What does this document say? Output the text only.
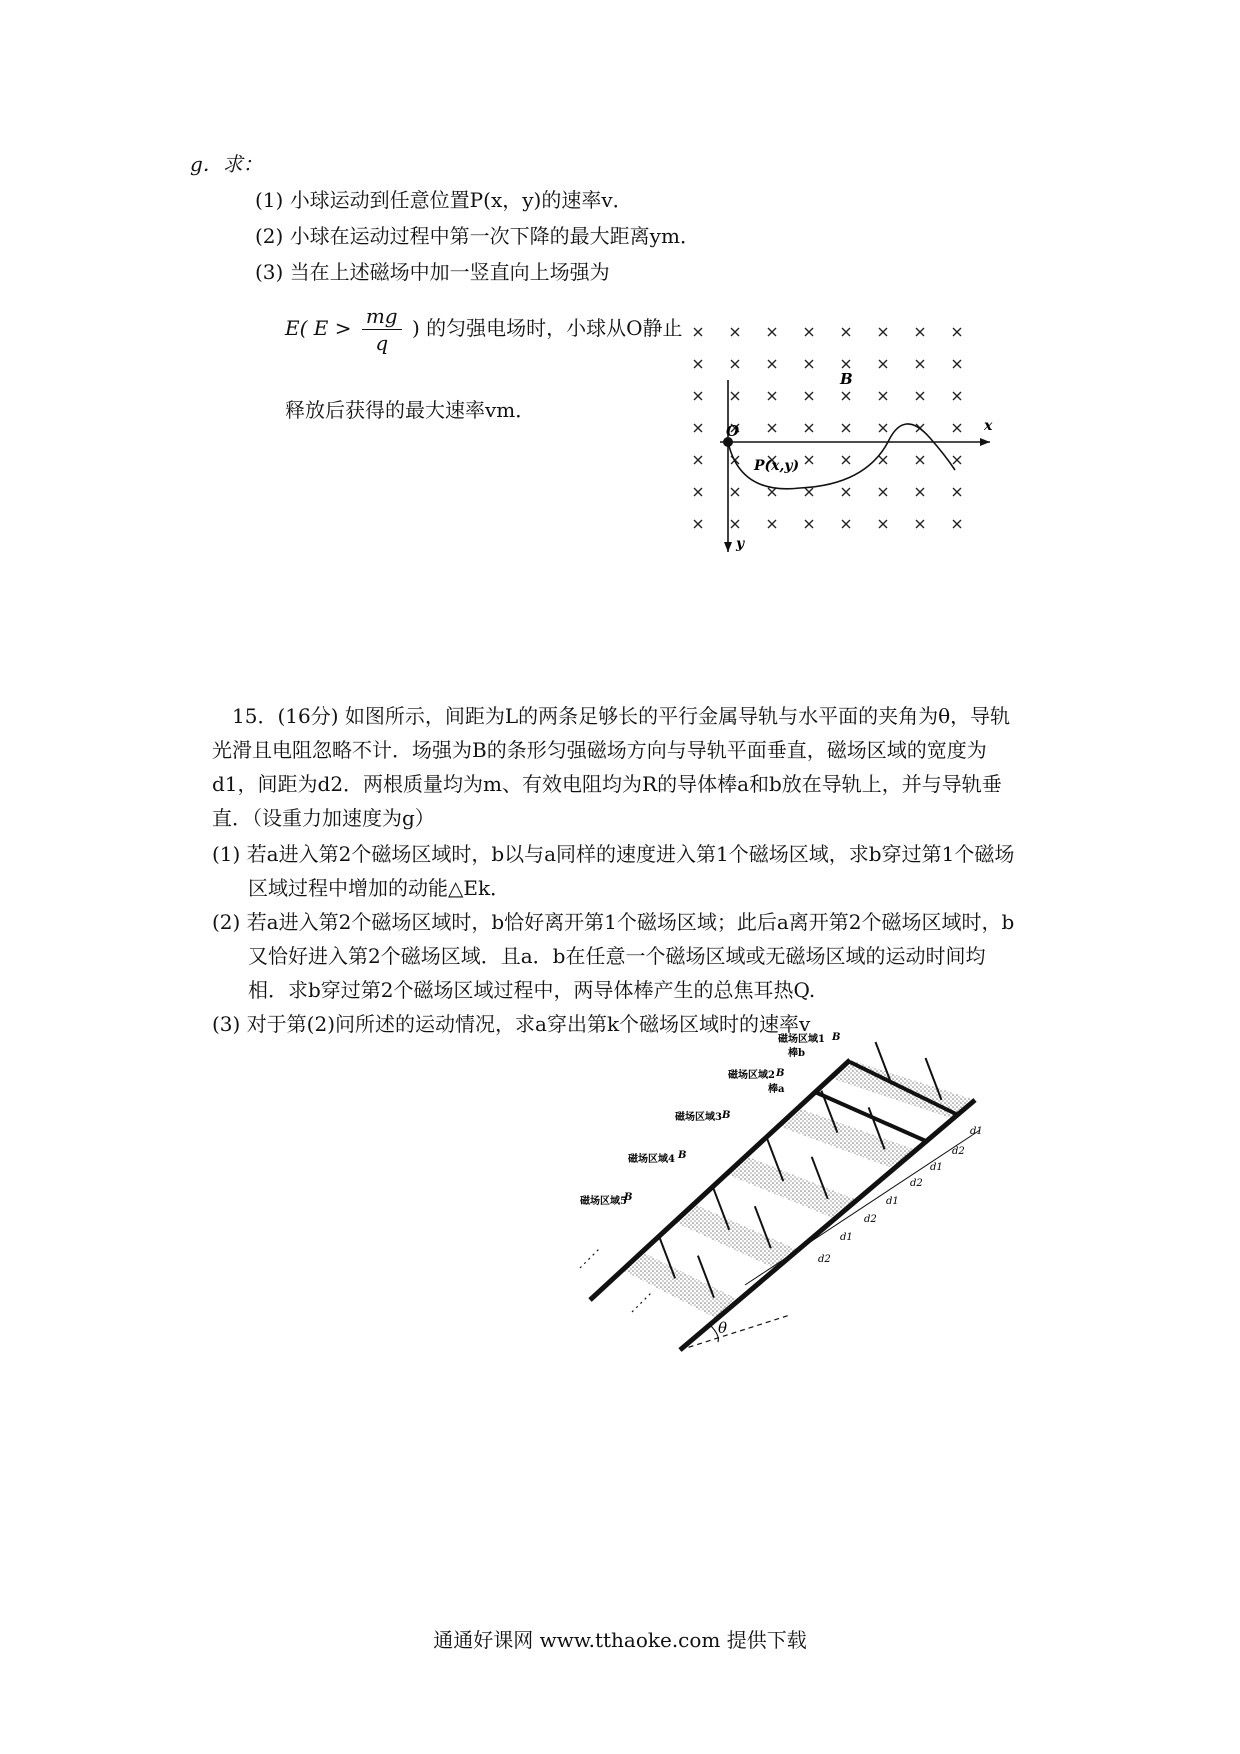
g．求：
(1) 小球运动到任意位置P(x，y)的速率v．
(2) 小球在运动过程中第一次下降的最大距离ym．
(3) 当在上述磁场中加一竖直向上场强为
E( $E > \frac{mg}{q}$ ) 的匀强电场时，小球从O静止
释放后获得的最大速率vm．
B
O
P(x,y)
x
y
15．(16分) 如图所示，间距为L的两条足够长的平行金属导轨与水平面的夹角为θ，导轨
光滑且电阻忽略不计．场强为B的条形匀强磁场方向与导轨平面垂直，磁场区域的宽度为
d1，间距为d2．两根质量均为m、有效电阻均为R的导体棒a和b放在导轨上，并与导轨垂
直．（设重力加速度为g）
(1) 若a进入第2个磁场区域时，b以与a同样的速度进入第1个磁场区域，求b穿过第1个磁场
区域过程中增加的动能△Ek．
(2) 若a进入第2个磁场区域时，b恰好离开第1个磁场区域；此后a离开第2个磁场区域时，b
又恰好进入第2个磁场区域．且a．b在任意一个磁场区域或无磁场区域的运动时间均
相．求b穿过第2个磁场区域过程中，两导体棒产生的总焦耳热Q.
(3) 对于第(2)问所述的运动情况，求a穿出第k个磁场区域时的速率v
θ
d1
d2
d1
d2
d1
d2
d1
d2
磁场区域1
磁场区域2
磁场区域3
磁场区域4
磁场区域5
棒b
棒a
B
B
B
B
B
通通好课网 www.tthaoke.com 提供下载
